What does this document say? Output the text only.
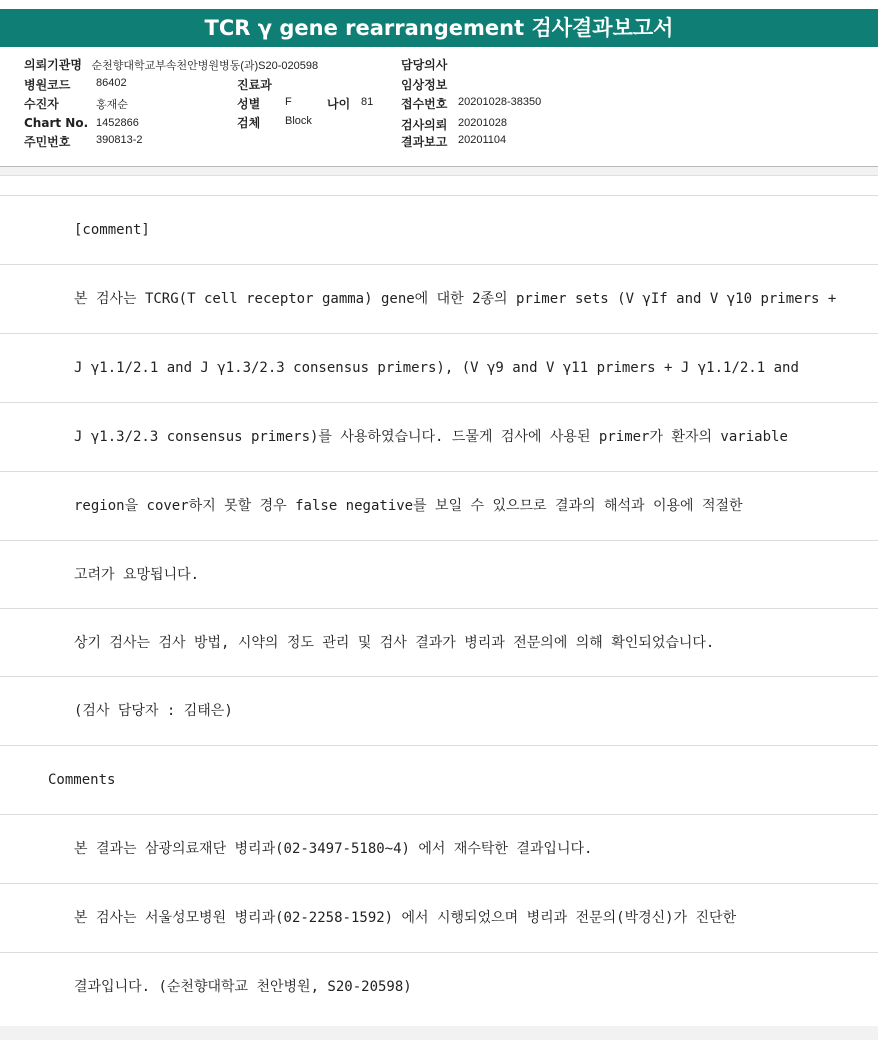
TCR γ gene rearrangement 검사결과보고서
의뢰기관명 순천향대학교부속천안병원병동(과)S20-020598
병원코드 86402
수진자	홍재순
Chart No. 1452866
주민번호 390813-2
진료과
성별 F	나이 81
검체 Block
담당의사
임상정보
접수번호 20201028-38350
검사의뢰 20201028
결과보고 20201104
[comment]
본 검사는 TCRG(T cell receptor gamma) gene에 대한 2종의 primer sets (V γIf and V γ10 primers +
J γ1.1/2.1 and J γ1.3/2.3 consensus primers), (V γ9 and V γ11 primers + J γ1.1/2.1 and
J γ1.3/2.3 consensus primers)를 사용하였습니다. 드물게 검사에 사용된 primer가 환자의 variable
region을 cover하지 못할 경우 false negative를 보일 수 있으므로 결과의 해석과 이용에 적절한
고려가 요망됩니다.
상기 검사는 검사 방법, 시약의 정도 관리 및 검사 결과가 병리과 전문의에 의해 확인되었습니다.
(검사 담당자 : 김태은)
Comments
본 결과는 삼광의료재단 병리과(02-3497-5180~4) 에서 재수탁한 결과입니다.
본 검사는 서울성모병원 병리과(02-2258-1592) 에서 시행되었으며 병리과 전문의(박경신)가 진단한
결과입니다. (순천향대학교 천안병원, S20-20598)
